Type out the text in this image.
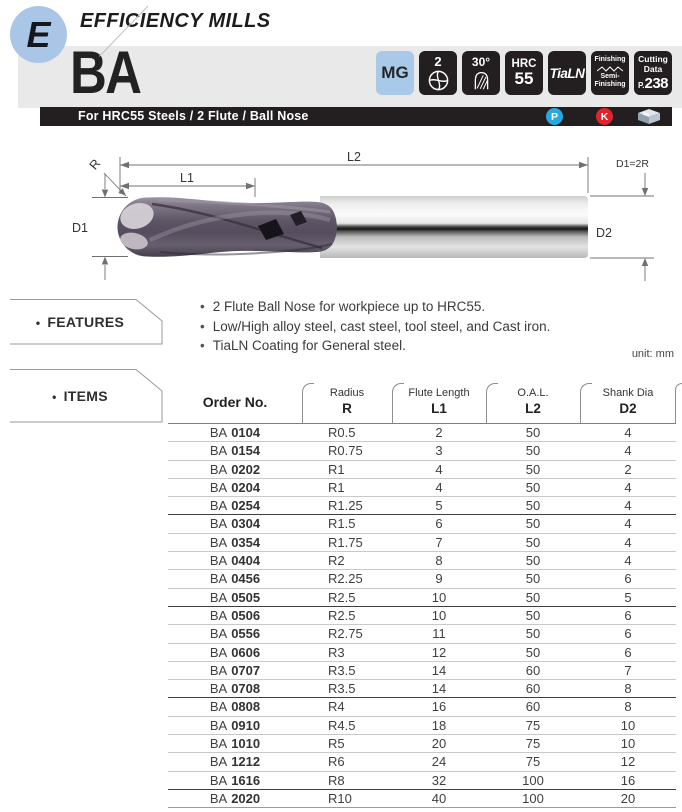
E EFFICIENCY MILLS
BA	MG
2	30° HRC
55 TiaLN
Finishing
Semi-
Finishing
Cutting
Data
P. 238
For HRC55 Steels / 2 Flute / Ball Nose	P	K
L2
L1
R
D1	D2
D1=2R
• FEATURES
• 2 Flute Ball Nose for workpiece up to HRC55.
• Low/High alloy steel, cast steel, tool steel, and Cast iron.
• TiaLN Coating for General steel.
unit: mm
• ITEMS	Order No.	
Radius
R

Flute Length
L1

O.A.L.
L2

Shank Dia
D2

BA 0104	R0.5	2	50	4
BA 0154	R0.75	3	50	4
BA 0202	R1	4	50	2
BA 0204	R1	4	50	4
BA 0254	R1.25	5	50	4
BA 0304	R1.5	6	50	4
BA 0354	R1.75	7	50	4
BA 0404	R2	8	50	4
BA 0456	R2.25	9	50	6
BA 0505	R2.5	10	50	5
BA 0506	R2.5	10	50	6
BA 0556	R2.75	11	50	6
BA 0606	R3	12	50	6
BA 0707	R3.5	14	60	7
BA 0708	R3.5	14	60	8
BA 0808	R4	16	60	8
BA 0910	R4.5	18	75	10
BA 1010	R5	20	75	10
BA 1212	R6	24	75	12
BA 1616	R8	32	100	16
BA 2020	R10	40	100	20
